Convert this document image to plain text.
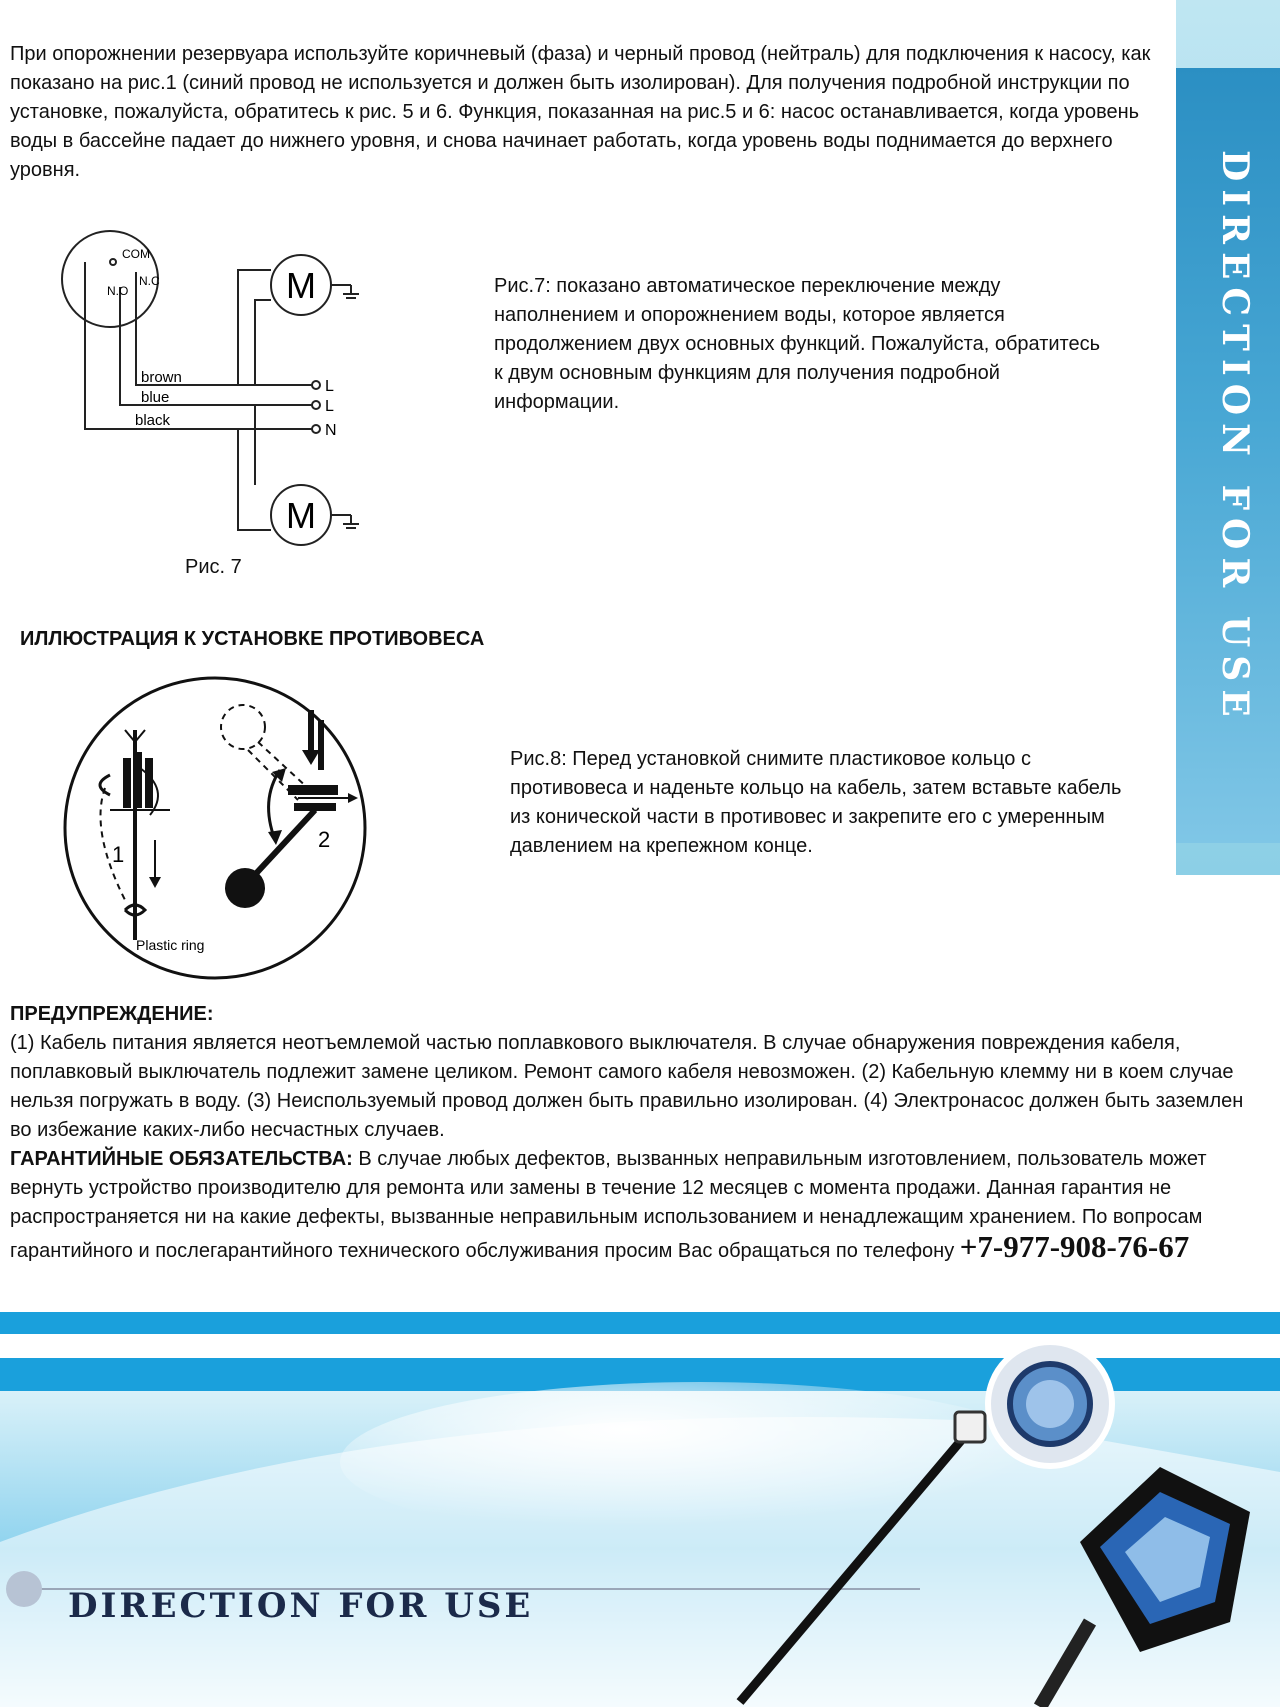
DIRECTION FOR USE

При опорожнении резервуара используйте коричневый (фаза) и черный провод (нейтраль) для подключения к насосу, как показано на рис.1 (синий провод не используется и должен быть изолирован). Для получения подробной инструкции по установке, пожалуйста, обратитесь к рис. 5 и 6. Функция, показанная на рис.5 и 6: насос останавливается, когда уровень воды в бассейне падает до нижнего уровня, и снова начинает работать, когда уровень воды поднимается до верхнего уровня.

COM
N.C
N.O	M
M
brown
blue
black
L
L
N
Рис. 7

Рис.7: показано автоматическое переключение между наполнением и опорожнением воды, которое является продолжением двух основных функций. Пожалуйста, обратитесь к двум основным функциям для получения подробной информации.

ИЛЛЮСТРАЦИЯ К УСТАНОВКЕ ПРОТИВОВЕСА
1
Plastic ring
2

Рис.8: Перед установкой снимите пластиковое кольцо с противовеса и наденьте кольцо на кабель, затем вставьте кабель из конической части в противовес и закрепите его с умеренным давлением на крепежном конце.

ПРЕДУПРЕЖДЕНИЕ:
(1) Кабель питания является неотъемлемой частью поплавкового выключателя. В случае обнаружения повреждения кабеля, поплавковый выключатель подлежит замене целиком. Ремонт самого кабеля невозможен. (2) Кабельную клемму ни в коем случае нельзя погружать в воду. (3) Неиспользуемый провод должен быть правильно изолирован. (4) Электронасос должен быть заземлен во избежание каких-либо несчастных случаев.
ГАРАНТИЙНЫЕ ОБЯЗАТЕЛЬСТВА: В случае любых дефектов, вызванных неправильным изготовлением, пользователь может вернуть устройство производителю для ремонта или замены в течение 12 месяцев с момента продажи. Данная гарантия не распространяется ни на какие дефекты, вызванные неправильным использованием и ненадлежащим хранением. По вопросам гарантийного и послегарантийного технического обслуживания просим Вас обращаться по телефону +7-977-908-76-67
DIRECTION FOR USE
